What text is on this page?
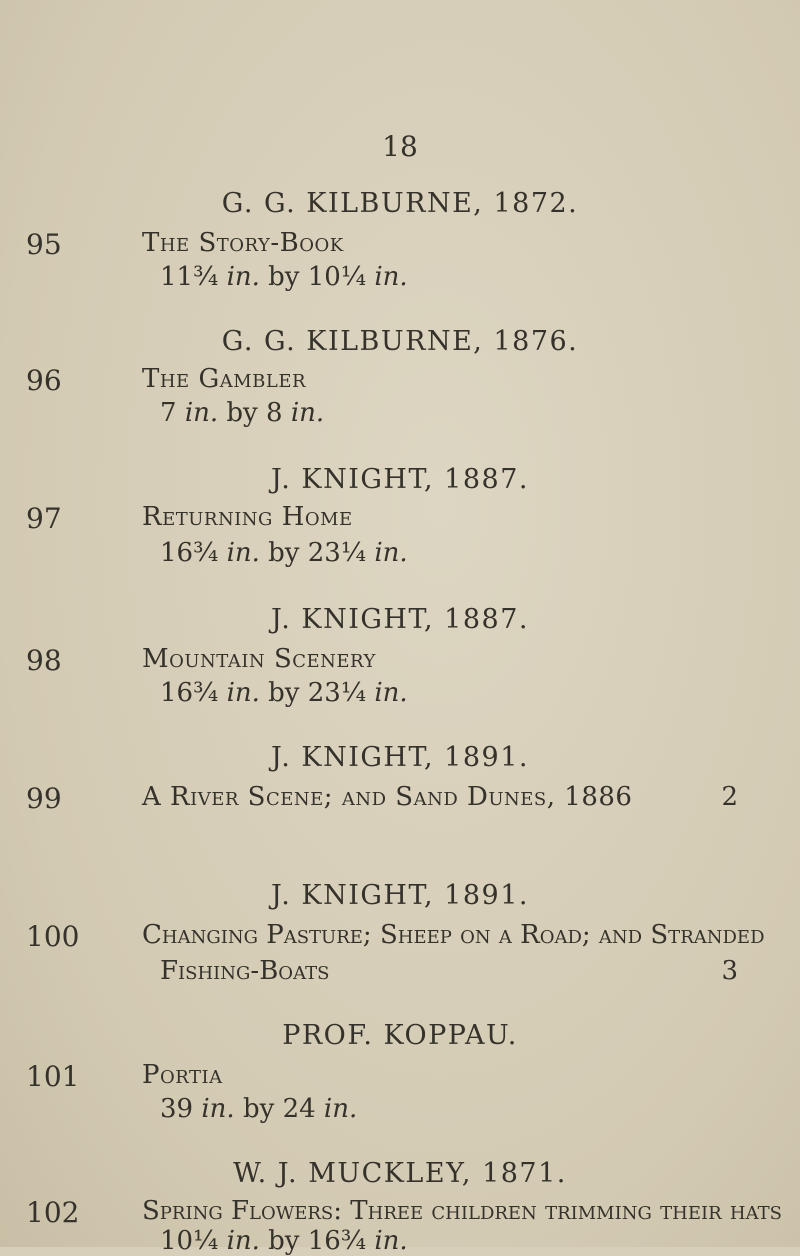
18
G. G. KILBURNE, 1872.
95	The Story-Book
11¾ in. by 10¼ in.
G. G. KILBURNE, 1876.
96	The Gambler
7 in. by 8 in.
J. KNIGHT, 1887.
97	Returning Home
16¾ in. by 23¼ in.
J. KNIGHT, 1887.
98	Mountain Scenery
16¾ in. by 23¼ in.
J. KNIGHT, 1891.
99	A River Scene; and Sand Dunes, 1886	2
J. KNIGHT, 1891.
100 Changing Pasture; Sheep on a Road; and Stranded
Fishing-Boats	3
PROF. KOPPAU.
101 Portia
39 in. by 24 in.
W. J. MUCKLEY, 1871.
102 Spring Flowers: Three children trimming their hats
10¼ in. by 16¾ in.
